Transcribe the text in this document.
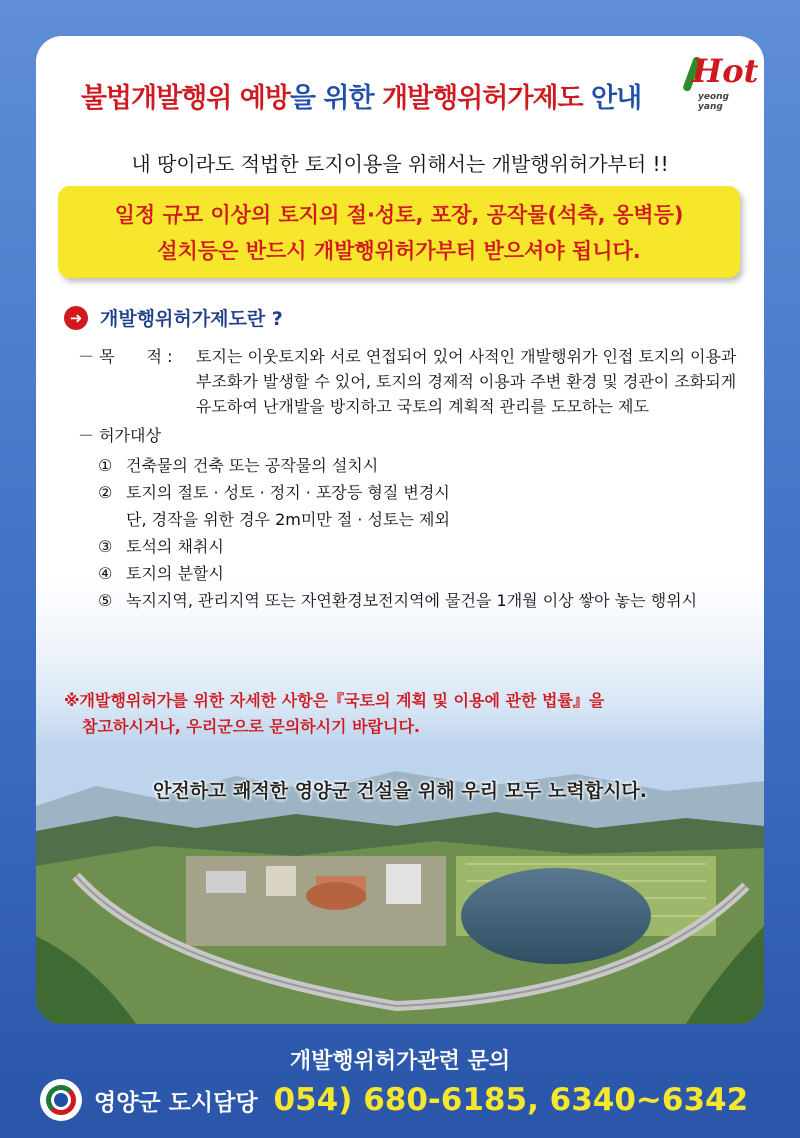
불법개발행위 예방을 위한 개발행위허가제도 안내
Hot
yeong yang
내 땅이라도 적법한 토지이용을 위해서는 개발행위허가부터 !!
일정 규모 이상의 토지의 절·성토, 포장, 공작물(석축, 옹벽등)
설치등은 반드시 개발행위허가부터 받으셔야 됩니다.
➜ 개발행위허가제도란 ?
－ 목　　적 :	토지는 이웃토지와 서로 연접되어 있어 사적인 개발행위가 인접 토지의 이용과 부조화가 발생할 수 있어, 토지의 경제적 이용과 주변 환경 및 경관이 조화되게 유도하여 난개발을 방지하고 국토의 계획적 관리를 도모하는 제도
－ 허가대상
① 건축물의 건축 또는 공작물의 설치시
② 토지의 절토 · 성토 · 정지 · 포장등 형질 변경시
단, 경작을 위한 경우 2m미만 절 · 성토는 제외
③ 토석의 채취시
④ 토지의 분할시
⑤ 녹지지역, 관리지역 또는 자연환경보전지역에 물건을 1개월 이상 쌓아 놓는 행위시
※개발행위허가를 위한 자세한 사항은『국토의 계획 및 이용에 관한 법률』을
참고하시거나, 우리군으로 문의하시기 바랍니다.
안전하고 쾌적한 영양군 건설을 위해 우리 모두 노력합시다.
개발행위허가관련 문의
영양군 도시담당 054) 680-6185, 6340~6342
